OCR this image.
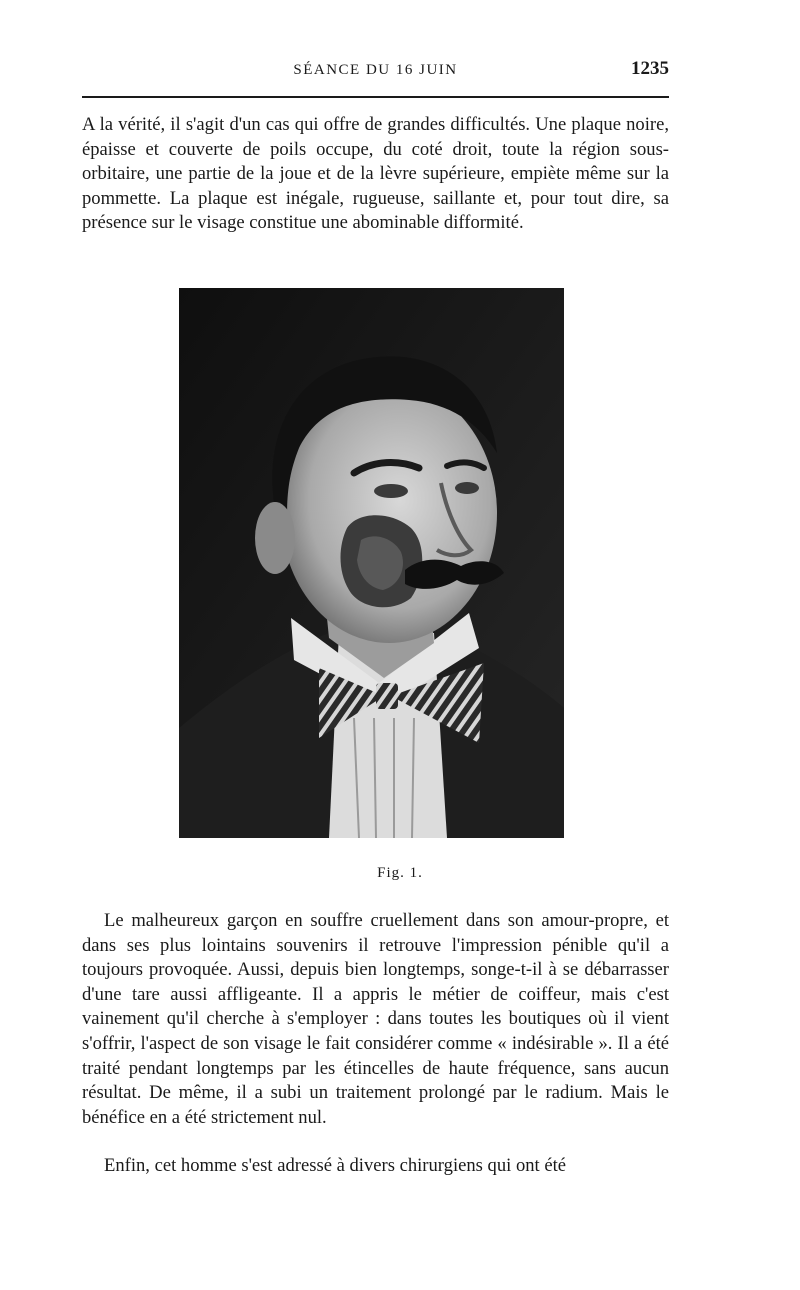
SÉANCE DU 16 JUIN	1235

A la vérité, il s'agit d'un cas qui offre de grandes difficultés. Une plaque noire, épaisse et couverte de poils occupe, du coté droit, toute la région sous-orbitaire, une partie de la joue et de la lèvre supérieure, empiète même sur la pommette. La plaque est inégale, rugueuse, saillante et, pour tout dire, sa présence sur le visage constitue une abominable difformité.

Fig. 1.

Le malheureux garçon en souffre cruellement dans son amour-propre, et dans ses plus lointains souvenirs il retrouve l'impression pénible qu'il a toujours provoquée. Aussi, depuis bien longtemps, songe-t-il à se débarrasser d'une tare aussi affligeante. Il a appris le métier de coiffeur, mais c'est vainement qu'il cherche à s'employer : dans toutes les boutiques où il vient s'offrir, l'aspect de son visage le fait considérer comme « indésirable ». Il a été traité pendant longtemps par les étincelles de haute fréquence, sans aucun résultat. De même, il a subi un traitement prolongé par le radium. Mais le bénéfice en a été strictement nul.

Enfin, cet homme s'est adressé à divers chirurgiens qui ont été
